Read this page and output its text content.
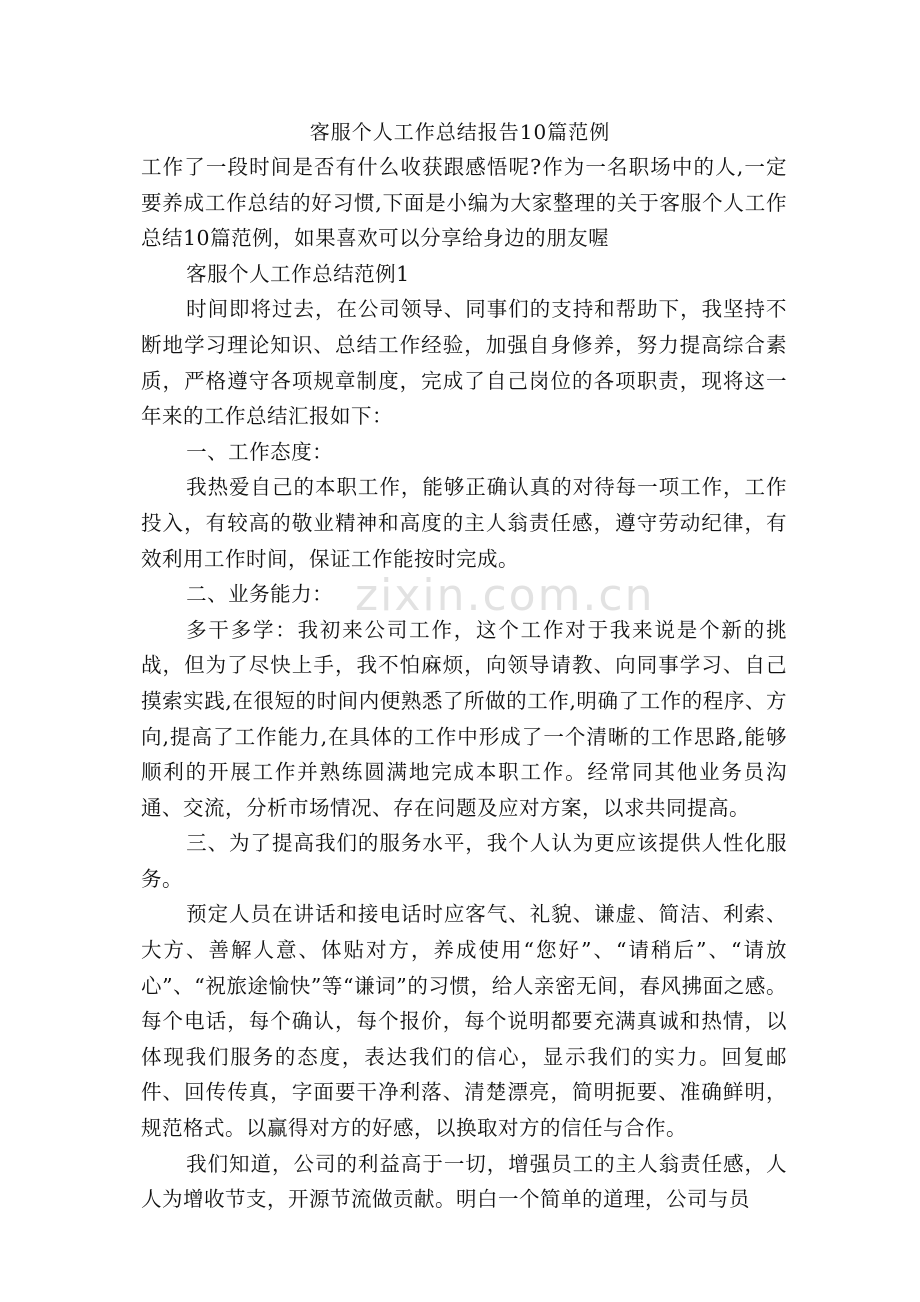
客服个人工作总结报告10篇范例

工作了一段时间是否有什么收获跟感悟呢?作为一名职场中的人,一定要养成工作总结的好习惯,下面是小编为大家整理的关于客服个人工作总结10篇范例，如果喜欢可以分享给身边的朋友喔

客服个人工作总结范例1

时间即将过去，在公司领导、同事们的支持和帮助下，我坚持不断地学习理论知识、总结工作经验，加强自身修养，努力提高综合素质，严格遵守各项规章制度，完成了自己岗位的各项职责，现将这一年来的工作总结汇报如下：

一、工作态度：

我热爱自己的本职工作，能够正确认真的对待每一项工作，工作投入，有较高的敬业精神和高度的主人翁责任感，遵守劳动纪律，有效利用工作时间，保证工作能按时完成。

二、业务能力：

多干多学：我初来公司工作，这个工作对于我来说是个新的挑战，但为了尽快上手，我不怕麻烦，向领导请教、向同事学习、自己摸索实践,在很短的时间内便熟悉了所做的工作,明确了工作的程序、方向,提高了工作能力,在具体的工作中形成了一个清晰的工作思路,能够顺利的开展工作并熟练圆满地完成本职工作。经常同其他业务员沟通、交流，分析市场情况、存在问题及应对方案，以求共同提高。

三、为了提高我们的服务水平，我个人认为更应该提供人性化服务。

预定人员在讲话和接电话时应客气、礼貌、谦虚、简洁、利索、大方、善解人意、体贴对方，养成使用“您好”、“请稍后”、“请放心”、“祝旅途愉快”等“谦词”的习惯，给人亲密无间，春风拂面之感。每个电话，每个确认，每个报价，每个说明都要充满真诚和热情，以体现我们服务的态度，表达我们的信心，显示我们的实力。回复邮件、回传传真，字面要干净利落、清楚漂亮，简明扼要、准确鲜明，规范格式。以赢得对方的好感，以换取对方的信任与合作。

我们知道，公司的利益高于一切，增强员工的主人翁责任感，人人为增收节支，开源节流做贡献。明白一个简单的道理，公司与员

zixin.com.cn
